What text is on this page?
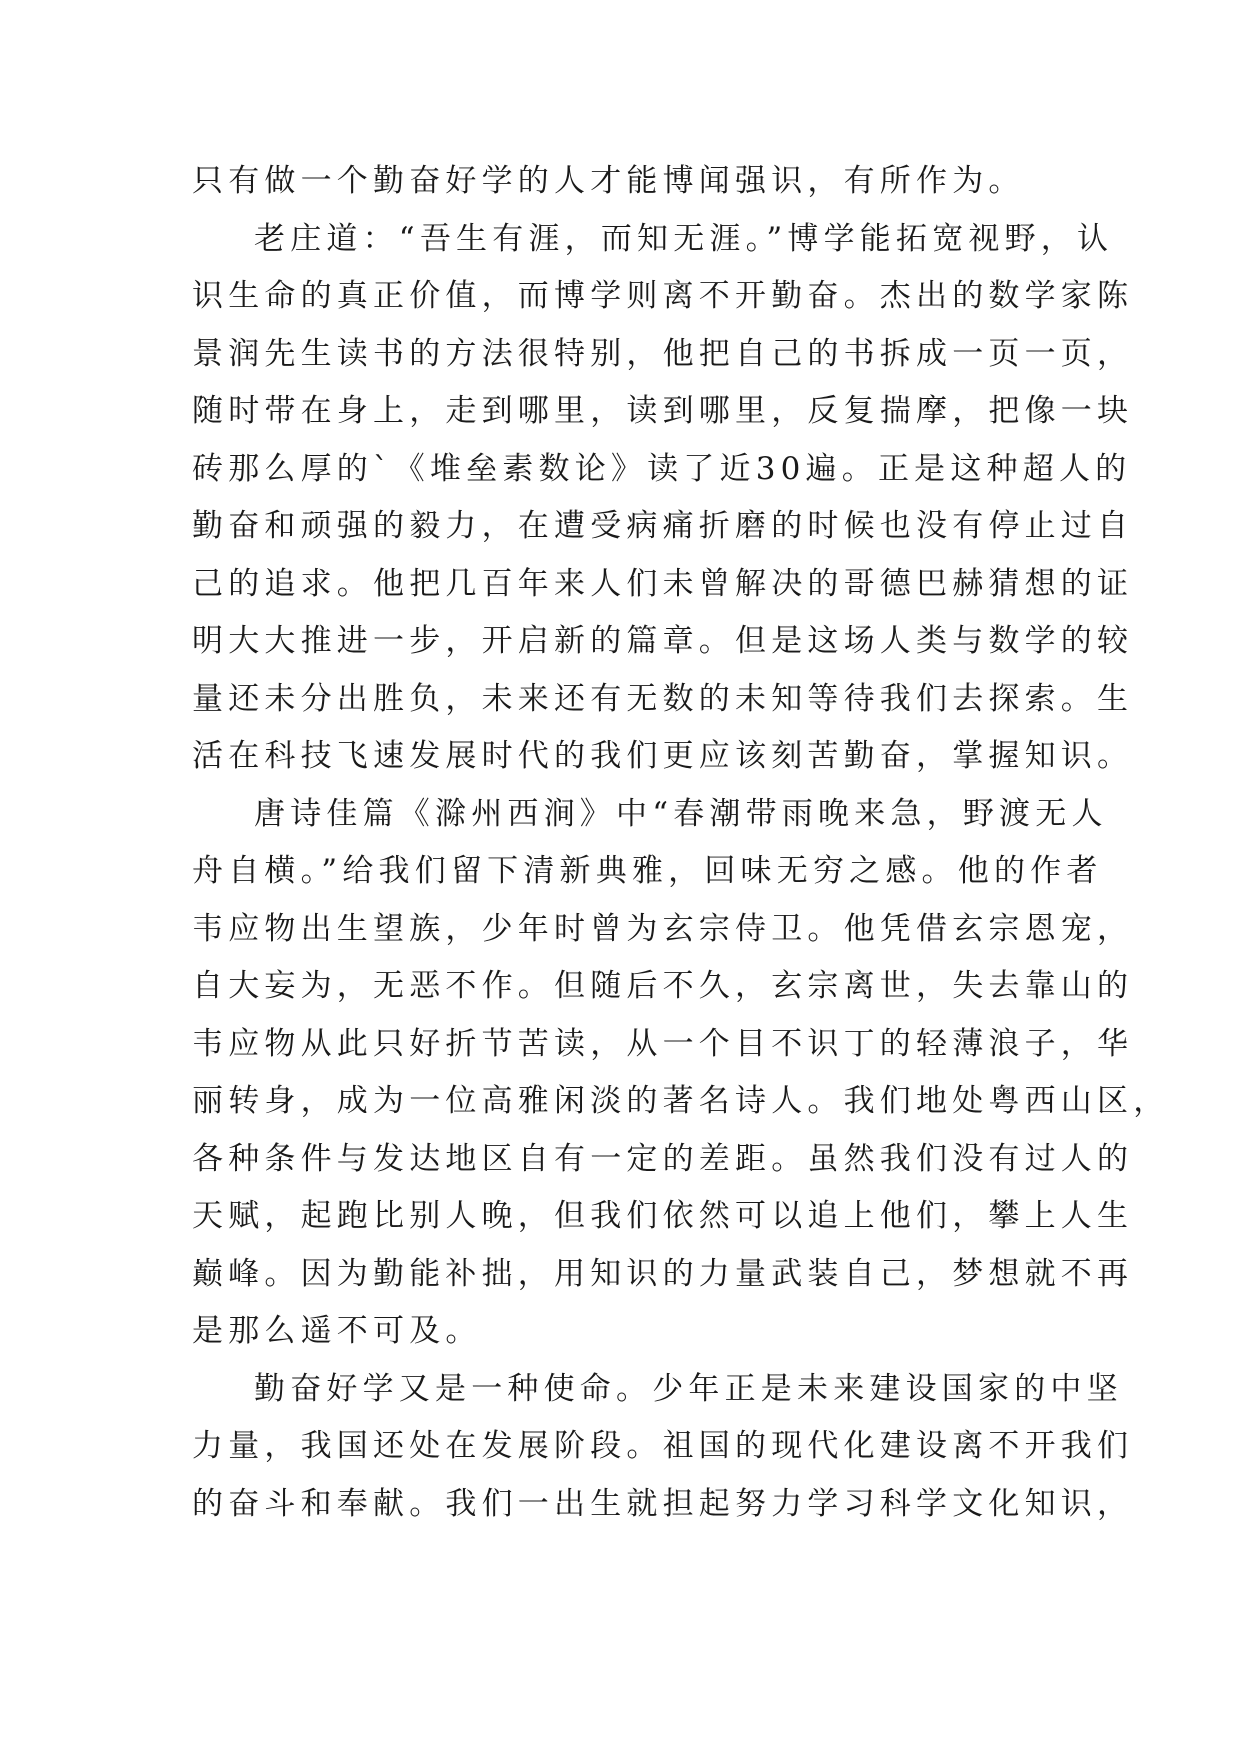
只有做一个勤奋好学的人才能博闻强识，有所作为。
老庄道：“吾生有涯，而知无涯。”博学能拓宽视野，认
识生命的真正价值，而博学则离不开勤奋。杰出的数学家陈
景润先生读书的方法很特别，他把自己的书拆成一页一页，
随时带在身上，走到哪里，读到哪里，反复揣摩，把像一块
砖那么厚的`《堆垒素数论》读了近30遍。正是这种超人的
勤奋和顽强的毅力，在遭受病痛折磨的时候也没有停止过自
己的追求。他把几百年来人们未曾解决的哥德巴赫猜想的证
明大大推进一步，开启新的篇章。但是这场人类与数学的较
量还未分出胜负，未来还有无数的未知等待我们去探索。生
活在科技飞速发展时代的我们更应该刻苦勤奋，掌握知识。
唐诗佳篇《滁州西涧》中“春潮带雨晚来急，野渡无人
舟自横。”给我们留下清新典雅，回味无穷之感。他的作者
韦应物出生望族，少年时曾为玄宗侍卫。他凭借玄宗恩宠，
自大妄为，无恶不作。但随后不久，玄宗离世，失去靠山的
韦应物从此只好折节苦读，从一个目不识丁的轻薄浪子，华
丽转身，成为一位高雅闲淡的著名诗人。我们地处粤西山区，
各种条件与发达地区自有一定的差距。虽然我们没有过人的
天赋，起跑比别人晚，但我们依然可以追上他们，攀上人生
巅峰。因为勤能补拙，用知识的力量武装自己，梦想就不再
是那么遥不可及。
勤奋好学又是一种使命。少年正是未来建设国家的中坚
力量，我国还处在发展阶段。祖国的现代化建设离不开我们
的奋斗和奉献。我们一出生就担起努力学习科学文化知识，
